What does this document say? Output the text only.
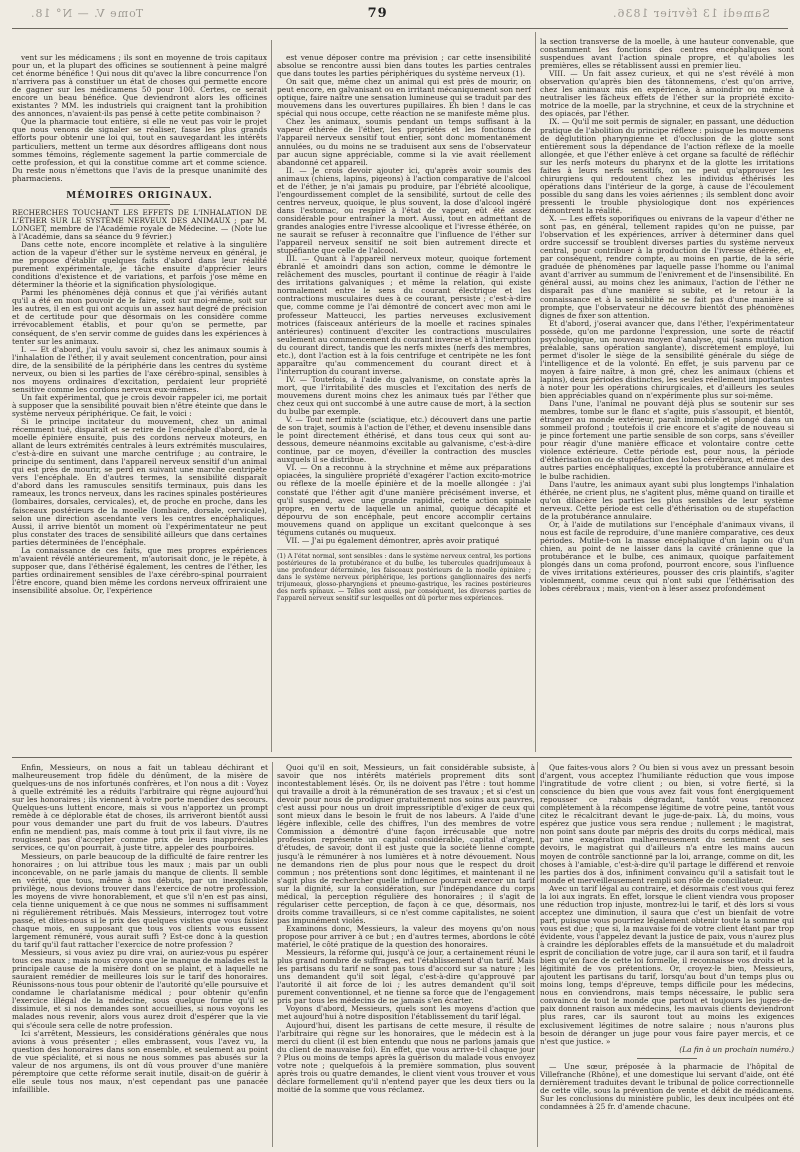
Tome V. — N° 18.	79	Samedi 13 février 1836.

vent sur les médicamens ; ils sont en moyenne de trois capitaux pour un, et la plupart des officines se soutiennent à peine malgré cet énorme bénéfice ! Qui nous dit qu'avec la libre concurrence l'on n'arrivera pas à constituer un état de choses qui permette encore de gagner sur les médicamens 50 pour 100. Certes, ce serait encore un beau bénéfice. Que deviendront alors les officines existantes ? MM. les industriels qui craignent tant la prohibition des annonces, n'avaient-ils pas pensé à cette petite combinaison ?

Que la pharmacie tout entière, si elle ne veut pas voir le projet que nous venons de signaler se réaliser, fasse les plus grands efforts pour obtenir une loi qui, tout en sauvegardant les intérêts particuliers, mettent un terme aux désordres affligeans dont nous sommes témoins, réglemente sagement la partie commerciale de cette profession, et qui la constitue comme art et comme science. Du reste nous n'émettons que l'avis de la presque unanimité des pharmaciens.

MÉMOIRES ORIGINAUX.

RECHERCHES TOUCHANT LES EFFETS DE L'INHALATION DE L'ÉTHER SUR LE SYSTÈME NERVEUX DES ANIMAUX ; par M. LONGET, membre de l'Académie royale de Médecine. — (Note lue à l'Académie, dans sa séance du 9 février.)

Dans cette note, encore incomplète et relative à la singulière action de la vapeur d'éther sur le système nerveux en général, je me propose d'établir quelques faits d'abord dans leur réalité purement expérimentale, je tâche ensuite d'apprécier leurs conditions d'existence et de variations, et parfois j'ose même en déterminer la théorie et la signification physiologique.

Parmi les phénomènes déjà connus et que j'ai vérifiés autant qu'il a été en mon pouvoir de le faire, soit sur moi-même, soit sur les autres, il en est qui ont acquis un assez haut degré de précision et de certitude pour que désormais on les considère comme irrévocablement établis, et pour qu'on se permette, par conséquent, de s'en servir comme de guides dans les expériences à tenter sur les animaux.

I. — Et d'abord, j'ai voulu savoir si, chez les animaux soumis à l'inhalation de l'éther, il y avait seulement concentration, pour ainsi dire, de la sensibilité de la périphérie dans les centres du système nerveux, ou bien si les parties de l'axe cérébro-spinal, sensibles à nos moyens ordinaires d'excitation, perdaient leur propriété sensitive comme les cordons nerveux eux-mêmes.

Un fait expérimental, que je crois devoir rappeler ici, me portait à supposer que la sensibilité pouvait bien n'être éteinte que dans le système nerveux périphérique. Ce fait, le voici :

Si le principe incitateur du mouvement, chez un animal récemment tué, disparaît et se retire de l'encéphale d'abord, de la moelle épinière ensuite, puis des cordons nerveux moteurs, en allant de leurs extrémités centrales à leurs extrémités musculaires, c'est-à-dire en suivant une marche centrifuge ; au contraire, le principe du sentiment, dans l'appareil nerveux sensitif d'un animal qui est près de mourir, se perd en suivant une marche centripète vers l'encéphale. En d'autres termes, la sensibilité disparaît d'abord dans les ramuscules sensitifs terminaux, puis dans les rameaux, les troncs nerveux, dans les racines spinales postérieures (lombaires, dorsales, cervicales), et, de proche en proche, dans les faisceaux postérieurs de la moelle (lombaire, dorsale, cervicale), selon une direction ascendante vers les centres encéphaliques. Aussi, il arrive bientôt un moment où l'expérimentateur ne peut plus constater des traces de sensibilité ailleurs que dans certaines parties déterminées de l'encéphale.

La connaissance de ces faits, que mes propres expériences m'avaient révélé antérieurement, m'autorisait donc, je le répète, à supposer que, dans l'éthérisé également, les centres de l'éther, les parties ordinairement sensibles de l'axe cérébro-spinal pourraient l'être encore, quand bien même les cordons nerveux offriraient une insensibilité absolue. Or, l'expérience

est venue déposer contre ma prévision ; car cette insensibilité absolue se rencontre aussi bien dans toutes les parties centrales que dans toutes les parties périphériques du système nerveux (1).

On sait que, même chez un animal qui est près de mourir, on peut encore, en galvanisant ou en irritant mécaniquement son nerf optique, faire naître une sensation lumineuse qui se traduit par des mouvemens dans les ouvertures pupillaires. Eh bien ! dans le cas spécial qui nous occupe, cette réaction ne se manifeste même plus.

Chez les animaux, soumis pendant un temps suffisant à la vapeur éthérée de l'éther, les propriétés et les fonctions de l'appareil nerveux sensitif tout entier, sont donc momentanément annulées, ou du moins ne se traduisent aux sens de l'observateur par aucun signe appréciable, comme si la vie avait réellement abandonné cet appareil.

II. — Je crois devoir ajouter ici, qu'après avoir soumis des animaux (chiens, lapins, pigeons) à l'action comparative de l'alcool et de l'éther, je n'ai jamais pu produire, par l'ébriété alcoolique, l'engourdissement complet de la sensibilité, surtout de celle des centres nerveux, quoique, le plus souvent, la dose d'alcool ingéré dans l'estomac, ou respiré à l'état de vapeur, eût été assez considérable pour entraîner la mort. Aussi, tout en admettant de grandes analogies entre l'ivresse alcoolique et l'ivresse éthérée, on ne saurait se refuser à reconnaître que l'influence de l'éther sur l'appareil nerveux sensitif ne soit bien autrement directe et stupéfiante que celle de l'alcool.

III. — Quant à l'appareil nerveux moteur, quoique fortement ébranlé et amoindri dans son action, comme le démontre le relâchement des muscles, pourtant il continue de réagir à l'aide des irritations galvaniques ; et même la relation, qui existe normalement entre le sens du courant électrique et les contractions musculaires dues à ce courant, persiste ; c'est-à-dire que, comme comme je l'ai démontré de concert avec mon ami le professeur Matteucci, les parties nerveuses exclusivement motrices (faisceaux antérieurs de la moelle et racines spinales antérieures) continuent d'exciter les contractions musculaires seulement au commencement du courant inverse et à l'interruption du courant direct, tandis que les nerfs mixtes (nerfs des membres, etc.), dont l'action est à la fois centrifuge et centripète ne les font apparaître qu'au commencement du courant direct et à l'interruption du courant inverse.

IV. — Toutefois, à l'aide du galvanisme, on constate après la mort, que l'irritabilité des muscles et l'excitation des nerfs de mouvemens durent moins chez les animaux tués par l'éther que chez ceux qui ont succombé à une autre cause de mort, à la section du bulbe par exemple.

V. — Tout nerf mixte (sciatique, etc.) découvert dans une partie de son trajet, soumis à l'action de l'éther, et devenu insensible dans le point directement éthérisé, et dans tous ceux qui sont au-dessous, demeure néanmoins excitable au galvanisme, c'est-à-dire continue, par ce moyen, d'éveiller la contraction des muscles auxquels il se distribue.

VI. — On a reconnu à la strychnine et même aux préparations opiacées, la singulière propriété d'exagérer l'action excito-motrice ou réflexe de la moelle épinière et de la moelle allongée : j'ai constaté que l'éther agit d'une manière précisément inverse, et qu'il suspend, avec une grande rapidité, cette action spinale propre, en vertu de laquelle un animal, quoique décapité et dépourvu de son encéphale, peut encore accomplir certains mouvemens quand on applique un excitant quelconque à ses tégumens cutanés ou muqueux.

VII. — J'ai pu également démontrer, après avoir pratiqué

(1) A l'état normal, sont sensibles : dans le système nerveux central, les portions postérieures de la protubérance et du bulbe, les tubercules quadrijumeaux à une profondeur déterminée, les faisceaux postérieurs de la moelle épinière ; dans le système nerveux périphérique, les portions ganglionnaires des nerfs trijumeaux, glosso-pharyngiens et pneumo-gastrique, les racines postérieures des nerfs spinaux. — Telles sont aussi, par conséquent, les diverses parties de l'appareil nerveux sensitif sur lesquelles ont dû porter mes expériences.

la section transverse de la moelle, à une hauteur convenable, que constamment les fonctions des centres encéphaliques sont suspendues avant l'action spinale propre, et qu'abolies les premières, elles se rétablissent aussi en premier lieu.

VIII. — Un fait assez curieux, et qui ne s'est révélé à mon observation qu'après bien des tâtonnemens, c'est qu'on arrive, chez les animaux mis en expérience, à amoindrir ou même à neutraliser les fâcheux effets de l'éther sur la propriété excito-motrice de la moelle, par la strychnine, et ceux de la strychnine et des opiacés, par l'éther.

IX. — Qu'il me soit permis de signaler, en passant, une déduction pratique de l'abolition du principe réflexe : puisque les mouvemens de déglutition pharyngienne et d'occlusion de la glotte sont entièrement sous la dépendance de l'action réflexe de la moelle allongée, et que l'éther enlève à cet organe sa faculté de réfléchir sur les nerfs moteurs du pharynx et de la glotte les irritations faites à leurs nerfs sensitifs, on ne peut qu'approuver les chirurgiens qui redoutent chez les individus éthérisés les opérations dans l'intérieur de la gorge, à cause de l'écoulement possible du sang dans les voies aériennes ; ils semblent donc avoir pressenti le trouble physiologique dont nos expériences démontrent la réalité.

X. — Les effets soporifiques ou enivrans de la vapeur d'éther ne sont pas, en général, tellement rapides qu'on ne puisse, par l'observation et les expériences, arriver à déterminer dans quel ordre successif se troublent diverses parties du système nerveux central, pour contribuer à la production de l'ivresse éthérée, et, par conséquent, rendre compte, au moins en partie, de la série graduée de phénomènes par laquelle passe l'homme ou l'animal avant d'arriver au summum de l'enivrement et de l'insensibilité. En général aussi, au moins chez les animaux, l'action de l'éther ne disparaît pas d'une manière si subite, et le retour à la connaissance et à la sensibilité ne se fait pas d'une manière si prompte, que l'observateur ne découvre bientôt des phénomènes dignes de fixer son attention.

Et d'abord, j'oserai avancer que, dans l'éther, l'expérimentateur possède, qu'on me pardonne l'expression, une sorte de réactif psychologique, un nouveau moyen d'analyse, qui (sans mutilation préalable, sans opération sanglante), discrètement employé, lui permet d'isoler le siège de la sensibilité générale du siège de l'intelligence et de la volonté. En effet, je suis parvenu par ce moyen à faire naître, à mon gré, chez les animaux (chiens et lapins), deux périodes distinctes, les seules réellement importantes à noter pour les opérations chirurgicales, et d'ailleurs les seules bien appréciables quand on n'expérimente plus sur soi-même.

Dans l'une, l'animal ne pouvant déjà plus se soutenir sur ses membres, tombe sur le flanc et s'agite, puis s'assoupit, et bientôt, étranger au monde extérieur, paraît immobile et plongé dans un sommeil profond ; toutefois il crie encore et s'agite de nouveau si je pince fortement une partie sensible de son corps, sans s'éveiller pour réagir d'une manière efficace et volontaire contre cette violence extérieure. Cette période est, pour nous, la période d'éthérisation ou de stupéfaction des lobes cérébraux, et même des autres parties encéphaliques, excepté la protubérance annulaire et le bulbe rachidien.

Dans l'autre, les animaux ayant subi plus longtemps l'inhalation éthérée, ne crient plus, ne s'agitent plus, même quand on tiraille et qu'on dilacère les parties les plus sensibles de leur système nerveux. Cette période est celle d'éthérisation ou de stupéfaction de la protubérance annulaire.

Or, à l'aide de mutilations sur l'encéphale d'animaux vivans, il nous est facile de reproduire, d'une manière comparative, ces deux périodes. Mutile-t-on la masse encéphalique d'un lapin ou d'un chien, au point de ne laisser dans la cavité crânienne que la protubérance et le bulbe, ces animaux, quoique parfaitement plongés dans un coma profond, pourront encore, sous l'influence de vives irritations extérieures, pousser des cris plaintifs, s'agiter violemment, comme ceux qui n'ont subi que l'éthérisation des lobes cérébraux ; mais, vient-on à léser assez profondément

Enfin, Messieurs, on nous a fait un tableau déchirant et malheureusement trop fidèle du dénûment, de la misère de quelques-uns de nos infortunés confrères, et l'on nous a dit : Voyez à quelle extrémité les a réduits l'arbitraire qui règne aujourd'hui sur les honoraires ; ils viennent à votre porte mendier des secours. Quelques-uns luttent encore, mais si vous n'apportez un prompt remède à ce déplorable état de choses, ils arriveront bientôt aussi pour vous demander une part du fruit de vos labeurs. D'autres enfin ne mendient pas, mais comme à tout prix il faut vivre, ils ne rougissent pas d'accepter comme prix de leurs inappréciables services, ce qu'on pourrait, à juste titre, appeler des pourboires.

Messieurs, on parle beaucoup de la difficulté de faire rentrer les honoraires ; on lui attribue tous les maux ; mais par un oubli inconcevable, on ne parle jamais du manque de clients. Il semble en vérité, que tous, même à nos débuts, par un inexplicable privilège, nous devions trouver dans l'exercice de notre profession, les moyens de vivre honorablement, et que s'il n'en est pas ainsi, cela tienne uniquement à ce que nous ne sommes ni suffisamment ni régulièrement rétribués. Mais Messieurs, interrogez tout votre passé, et dites-nous si le prix des quelques visites que vous faisiez chaque mois, en supposant que tous vos clients vous eussent largement rémunéré, vous aurait suffi ? Est-ce donc à la question du tarif qu'il faut rattacher l'exercice de notre profession ?

Messieurs, si vous aviez pu dire vrai, on auriez-vous pu espérer tous ces maux ; mais nous croyons que le manque de malades est la principale cause de la misère dont on se plaint, et à laquelle ne sauraient remédier de meilleures lois sur le tarif des honoraires. Réunissons-nous tous pour obtenir de l'autorité qu'elle poursuive et condamne le charlatanisme médical ; pour obtenir qu'enfin l'exercice illégal de la médecine, sous quelque forme qu'il se dissimule, et si nos demandes sont accueillies, si nous voyons les malades nous revenir, alors vous aurez droit d'espérer que la vie qui s'écoule sera celle de notre profession.

Ici s'arrêtent, Messieurs, les considérations générales que nous avions à vous présenter ; elles embrassent, vous l'avez vu, la question des honoraires dans son ensemble, et seulement au point de vue spécialité, et si nous ne nous sommes pas abusés sur la valeur de nos argumens, ils ont dû vous prouver d'une manière péremptoire que cette réforme serait inutile, disait-on de guérir à elle seule tous nos maux, n'est cependant pas une panacée infaillible.

Quoi qu'il en soit, Messieurs, un fait considérable subsiste, à savoir que nos intérêts matériels proprement dits sont incontestablement lésés. Or, ils ne doivent pas l'être : tout homme qui travaille a droit à la rémunération de ses travaux ; et si c'est un devoir pour nous de prodiguer gratuitement nos soins aux pauvres, c'est aussi pour nous un droit impressriptible d'exiger de ceux qui sont mieux dans le besoin le fruit de nos labeurs. A l'aide d'une légère inflexible, celle des chiffres, l'un des membres de votre Commission a démontré d'une façon irrécusable que notre profession représente un capital considérable, capital d'argent, d'études, de savoir, dont il est juste que la société lienne compte jusqu'à le rémunérer à nos lumières et à notre dévouement. Nous ne demandons rien de plus pour nous que le respect du droit commun ; nos prétentions sont donc légitimes, et maintenant il ne s'agit plus de rechercher quelle influence pourrait exercer un tarif sur la dignité, sur la considération, sur l'indépendance du corps médical, la perception régulière des honoraires ; il s'agit de régulariser cette perception, de façon à ce que, désormais, nos droits comme travailleurs, si ce n'est comme capitalistes, ne soient pas impunément violés.

Examinons donc, Messieurs, la valeur des moyens qu'on nous propose pour arriver à ce but ; en d'autres termes, abordons le côté matériel, le côté pratique de la question des honoraires.

Messieurs, la réforme qui, jusqu'à ce jour, a certainement réuni le plus grand nombre de suffrages, est l'établissement d'un tarif. Mais les partisans du tarif ne sont pas tous d'accord sur sa nature ; les uns demandent qu'il soit légal, c'est-à-dire qu'approuvé par l'autorité il ait force de loi ; les autres demandent qu'il soit purement conventionnel, et ne tienne sa force que de l'engagement pris par tous les médecins de ne jamais s'en écarter.

Voyons d'abord, Messieurs, quels sont les moyens d'action que met aujourd'hui à notre disposition l'établissement du tarif légal.

Aujourd'hui, disent les partisans de cette mesure, il résulte de l'arbitraire qui règne sur les honoraires, que le médecin est à la merci du client (il est bien entendu que nous ne parlons jamais que du client de mauvaise foi). En effet, que vous arrive-t-il chaque jour ? Plus ou moins de temps après la guérison du malade vous envoyez votre note ; quelquefois à la première sommation, plus souvent après trois ou quatre demandes, le client vient vous trouver et vous déclare formellement qu'il n'entend payer que les deux tiers ou la moitié de la somme que vous réclamez.

Que faites-vous alors ? Ou bien si vous avez un pressant besoin d'argent, vous acceptez l'humiliante réduction que vous impose l'ingratitude de votre client ; ou bien, si votre fierté, si la conscience du bien que vous avez fait vous font énergiquement repousser ce rabais dégradant, tantôt vous renoncez complètement à la récompense légitime de votre peine, tantôt vous citez le récalcitrant devant le juge-de-paix. Là, du moins, vous espérez que justice vous sera rendue ; nullement ; le magistrat, non point sans doute par mépris des droits du corps médical, mais par une exagération malheureusement du sentiment de ses devoirs, le magistrat qui d'ailleurs n'a entre les mains aucun moyen de contrôle sanctionné par la loi, arrange, comme on dit, les choses à l'amiable, c'est-à-dire qu'il partage le différend et renvoie les parties dos à dos, infiniment convaincu qu'il a satisfait tout le monde et merveilleusement rempli son rôle de conciliateur.

Avec un tarif légal au contraire, et désormais c'est vous qui ferez la loi aux ingrats. En effet, lorsque le client viendra vous proposer une réduction trop injuste, montrez-lui le tarif, et dès lors si vous acceptez une diminution, il saura que c'est un bienfait de votre part, puisque vous pourriez légalement obtenir toute la somme qui vous est due ; que si, la mauvaise foi de votre client étant par trop évidente, vous l'appelez devant la justice de paix, vous n'aurez plus à craindre les déplorables effets de la mansuétude et du maladroit esprit de conciliation de votre juge, car il aura son tarif, et il faudra bien qu'en face de cette loi formelle, il reconnaisse vos droits et la légitimité de vos prétentions. Or, croyez-le bien, Messieurs, ajoutent les partisans du tarif, lorsqu'au bout d'un temps plus ou moins long, temps d'épreuve, temps difficile pour les médecins, nous en conviendrons, mais temps nécessaire, le public sera convaincu de tout le monde que partout et toujours les juges-de-paix donnent raison aux médecins, les mauvais clients deviendront plus rares, car ils sauront tout au moins les exigences exclusivement légitimes de notre salaire ; nous n'aurons plus besoin de déranger un juge pour vous faire payer mercis, et ce n'est que justice. »

(La fin à un prochain numéro.)

— Une sœur, préposée à la pharmacie de l'hôpital de Villefranche (Rhône), et une domestique lui servant d'aide, ont été dernièrement traduites devant le tribunal de police correctionnelle de cette ville, sous la prévention de vente et débit de médicamens. Sur les conclusions du ministère public, les deux inculpées ont été condamnées à 25 fr. d'amende chacune.
